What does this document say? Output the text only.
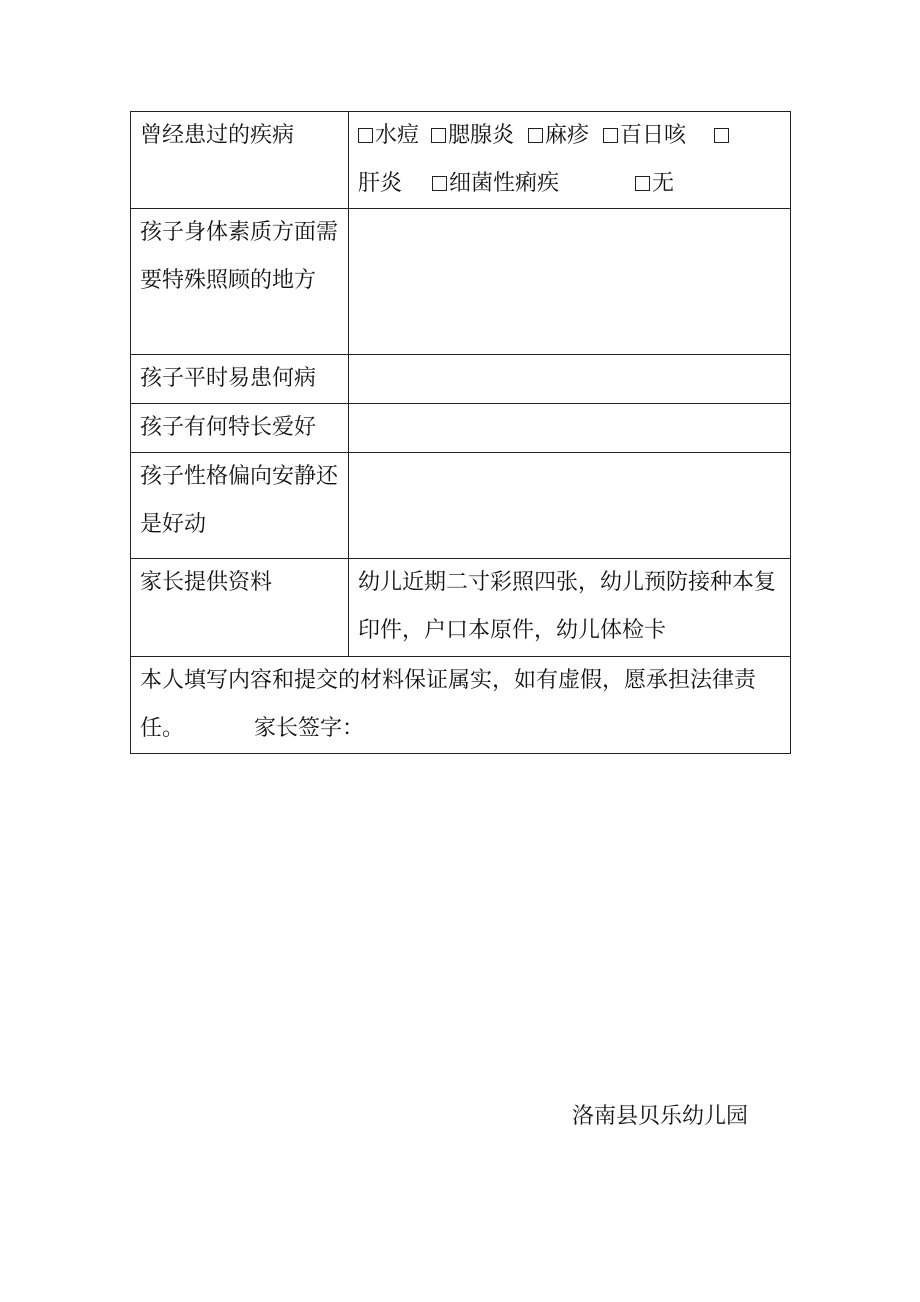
曾经患过的疾病	水痘 腮腺炎 麻疹 百日咳
肝炎 细菌性痢疾 无

孩子身体素质方面需要特殊照顾的地方	
孩子平时易患何病	
孩子有何特长爱好	
孩子性格偏向安静还是好动	
家长提供资料	幼儿近期二寸彩照四张，幼儿预防接种本复印件，户口本原件，幼儿体检卡
本人填写内容和提交的材料保证属实，如有虚假，愿承担法律责任。 家长签字：	
洛南县贝乐幼儿园
